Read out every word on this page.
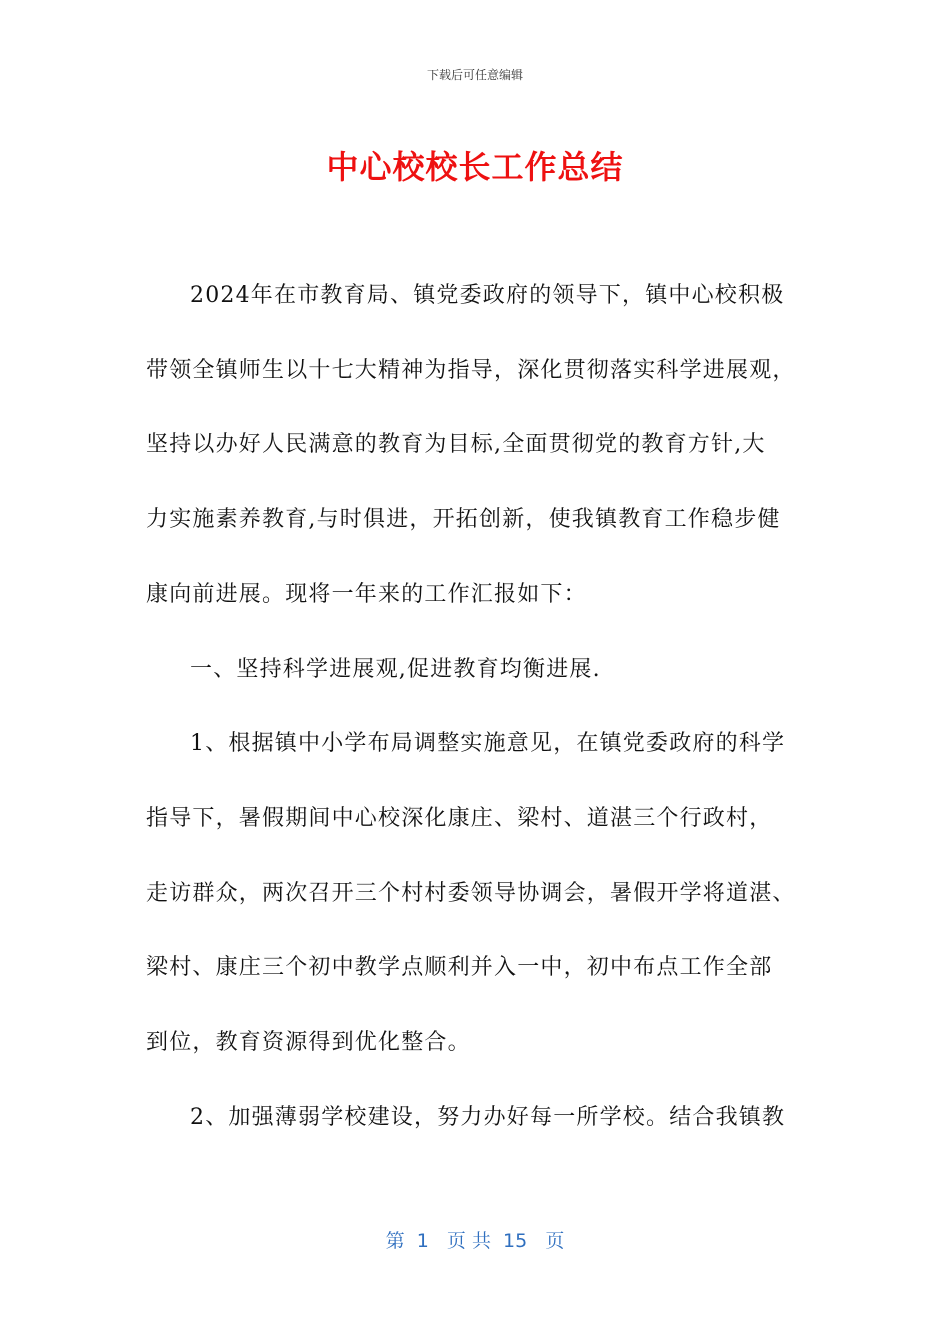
下载后可任意编辑
中心校校长工作总结
2024年在市教育局、镇党委政府的领导下，镇中心校积极
带领全镇师生以十七大精神为指导，深化贯彻落实科学进展观，
坚持以办好人民满意的教育为目标,全面贯彻党的教育方针,大
力实施素养教育,与时俱进，开拓创新，使我镇教育工作稳步健
康向前进展。现将一年来的工作汇报如下：
一、坚持科学进展观,促进教育均衡进展.
1、根据镇中小学布局调整实施意见，在镇党委政府的科学
指导下，暑假期间中心校深化康庄、梁村、道湛三个行政村，
走访群众，两次召开三个村村委领导协调会，暑假开学将道湛、
梁村、康庄三个初中教学点顺利并入一中，初中布点工作全部
到位，教育资源得到优化整合。
2、加强薄弱学校建设，努力办好每一所学校。结合我镇教
第  1   页 共  15   页
